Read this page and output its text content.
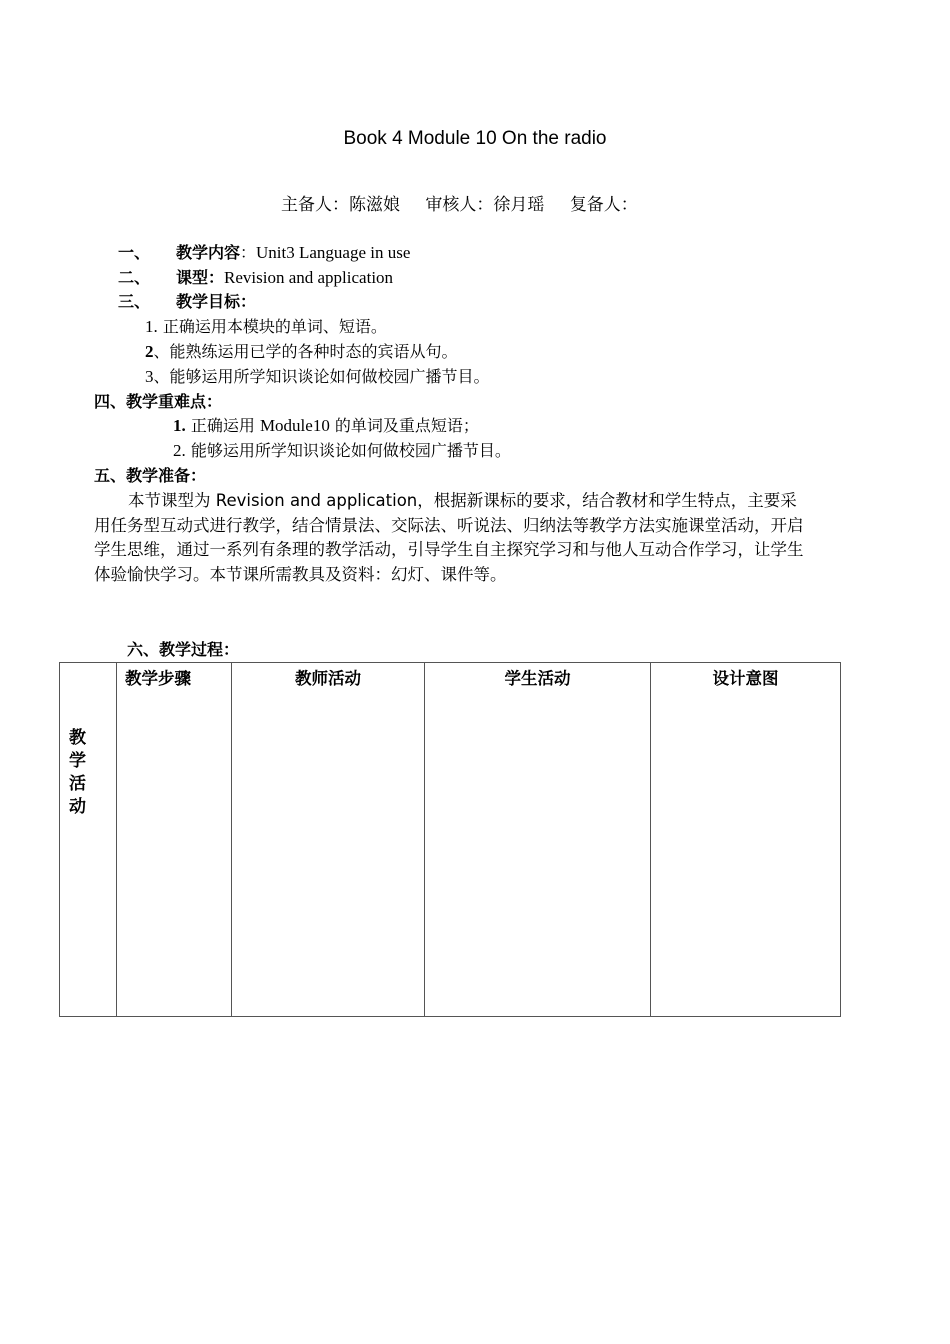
Book 4 Module 10 On the radio
主备人：陈滋娘 审核人：徐月瑶 复备人：
一、 教学内容：Unit3 Language in use
二、 课型：Revision and application
三、 教学目标：
1. 正确运用本模块的单词、短语。
2、能熟练运用已学的各种时态的宾语从句。
3、能够运用所学知识谈论如何做校园广播节目。
四、教学重难点：
1. 正确运用 Module10 的单词及重点短语；
2. 能够运用所学知识谈论如何做校园广播节目。
五、教学准备：
本节课型为 Revision and application，根据新课标的要求，结合教材和学生特点，主要采用任务型互动式进行教学，结合情景法、交际法、听说法、归纳法等教学方法实施课堂活动，开启学生思维，通过一系列有条理的教学活动，引导学生自主探究学习和与他人互动合作学习，让学生体验愉快学习。本节课所需教具及资料：幻灯、课件等。
六、教学过程：
教学活动

教学步骤	教师活动	学生活动	设计意图
